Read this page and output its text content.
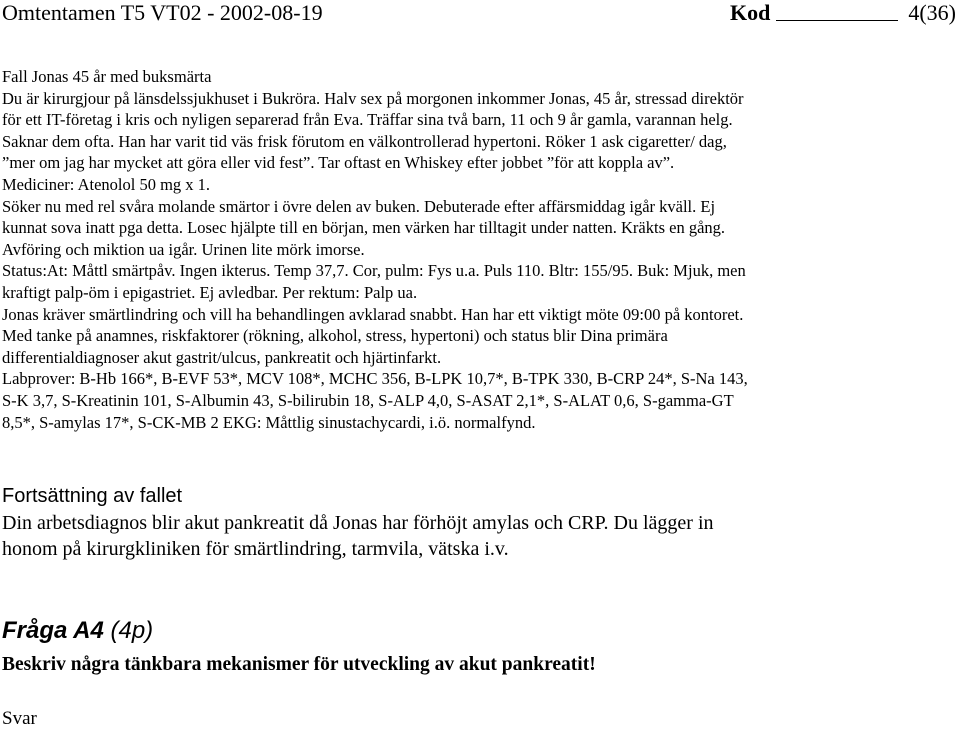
Omtentamen T5 VT02 - 2002-08-19	Kod	4(36)

Fall Jonas 45 år med buksmärta

Du är kirurgjour på länsdelssjukhuset i Bukröra. Halv sex på morgonen inkommer Jonas, 45 år, stressad direktör

för ett IT-företag i kris och nyligen separerad från Eva. Träffar sina två barn, 11 och 9 år gamla, varannan helg.

Saknar dem ofta. Han har varit tid väs frisk förutom en välkontrollerad hypertoni. Röker 1 ask cigaretter/ dag,

”mer om jag har mycket att göra eller vid fest”. Tar oftast en Whiskey efter jobbet ”för att koppla av”.

Mediciner: Atenolol 50 mg x 1.

Söker nu med rel svåra molande smärtor i övre delen av buken. Debuterade efter affärsmiddag igår kväll. Ej

kunnat sova inatt pga detta. Losec hjälpte till en början, men värken har tilltagit under natten. Kräkts en gång.

Avföring och miktion ua igår. Urinen lite mörk imorse.

Status:At: Måttl smärtpåv. Ingen ikterus. Temp 37,7. Cor, pulm: Fys u.a. Puls 110. Bltr: 155/95. Buk: Mjuk, men

kraftigt palp-öm i epigastriet. Ej avledbar. Per rektum: Palp ua.

Jonas kräver smärtlindring och vill ha behandlingen avklarad snabbt. Han har ett viktigt möte 09:00 på kontoret.

Med tanke på anamnes, riskfaktorer (rökning, alkohol, stress, hypertoni) och status blir Dina primära

differentialdiagnoser akut gastrit/ulcus, pankreatit och hjärtinfarkt.

Labprover: B-Hb 166*, B-EVF 53*, MCV 108*, MCHC 356, B-LPK 10,7*, B-TPK 330, B-CRP 24*, S-Na 143,

S-K 3,7, S-Kreatinin 101, S-Albumin 43, S-bilirubin 18, S-ALP 4,0, S-ASAT 2,1*, S-ALAT 0,6, S-gamma-GT

8,5*, S-amylas 17*, S-CK-MB 2 EKG: Måttlig sinustachycardi, i.ö. normalfynd.

Fortsättning av fallet

Din arbetsdiagnos blir akut pankreatit då Jonas har förhöjt amylas och CRP. Du lägger in

honom på kirurgkliniken för smärtlindring, tarmvila, vätska i.v.

Fråga A4 (4p)
Beskriv några tänkbara mekanismer för utveckling av akut pankreatit!
Svar
